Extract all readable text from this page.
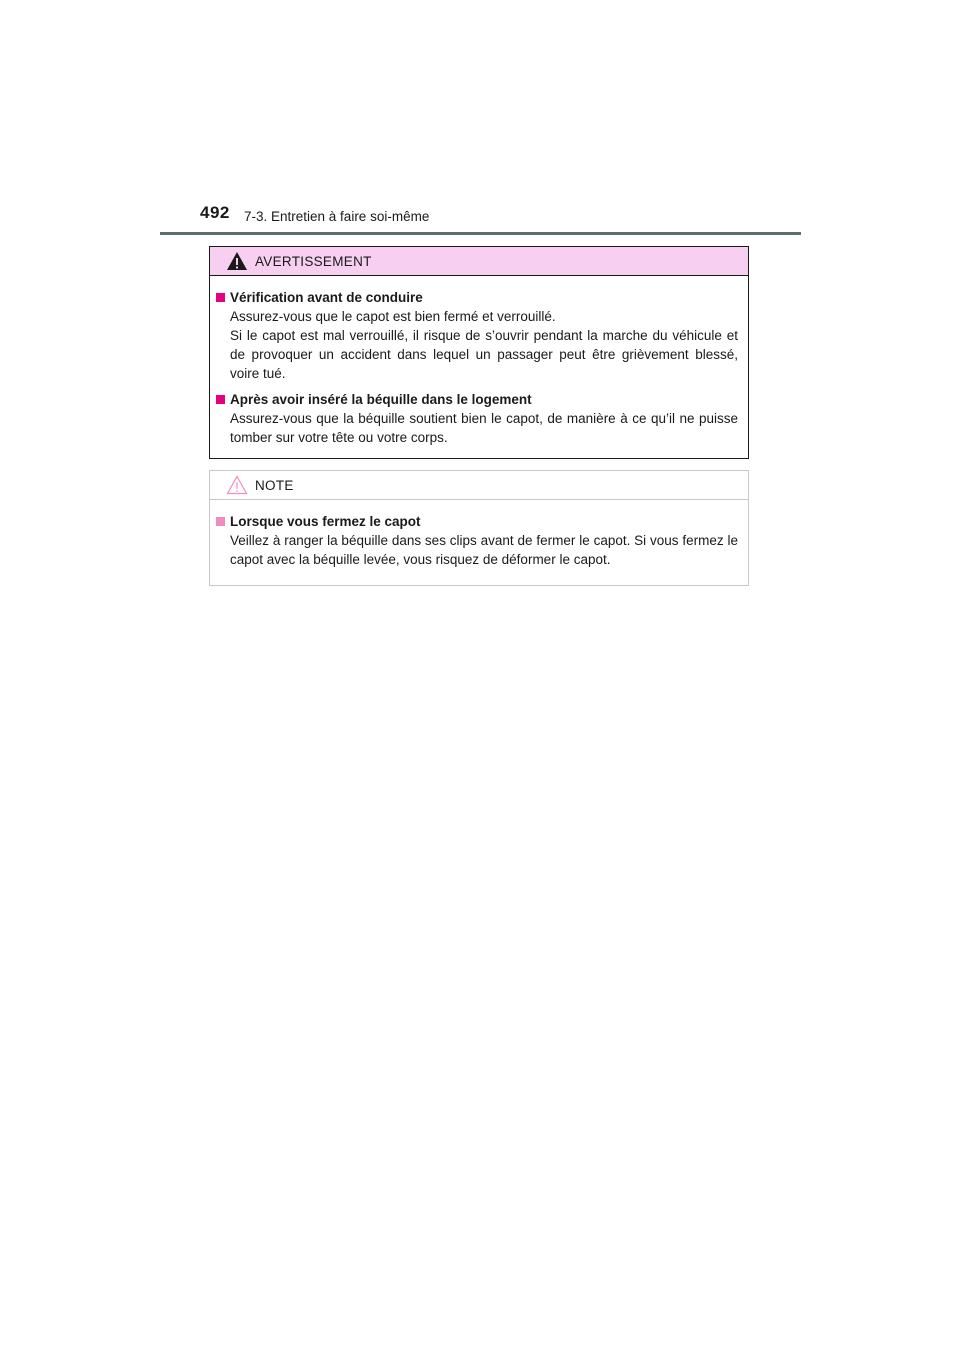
492 7-3. Entretien à faire soi-même
AVERTISSEMENT
Vérification avant de conduire

Assurez-vous que le capot est bien fermé et verrouillé.

Si le capot est mal verrouillé, il risque de s’ouvrir pendant la marche du véhicule et de provoquer un accident dans lequel un passager peut être grièvement blessé, voire tué.

Après avoir inséré la béquille dans le logement

Assurez-vous que la béquille soutient bien le capot, de manière à ce qu’il ne puisse tomber sur votre tête ou votre corps.

NOTE
Lorsque vous fermez le capot

Veillez à ranger la béquille dans ses clips avant de fermer le capot. Si vous fermez le capot avec la béquille levée, vous risquez de déformer le capot.
